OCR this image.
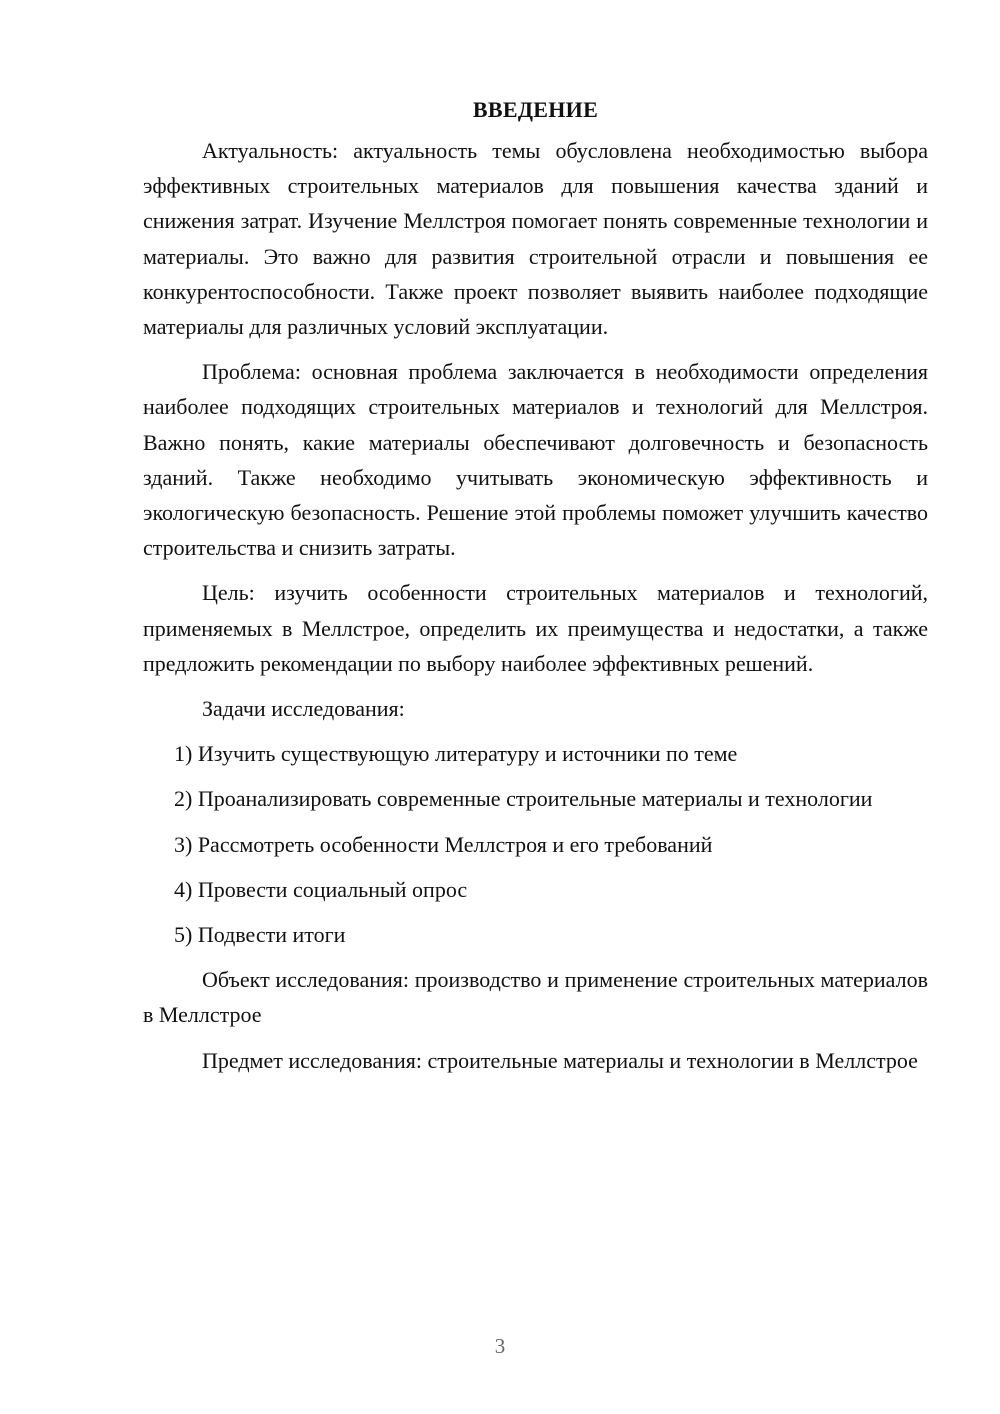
ВВЕДЕНИЕ

Актуальность: актуальность темы обусловлена необходимостью выбора эффективных строительных материалов для повышения качества зданий и снижения затрат. Изучение Меллстроя помогает понять современные технологии и материалы. Это важно для развития строительной отрасли и повышения ее конкурентоспособности. Также проект позволяет выявить наиболее подходящие материалы для различных условий эксплуатации.

Проблема: основная проблема заключается в необходимости определения наиболее подходящих строительных материалов и технологий для Меллстроя. Важно понять, какие материалы обеспечивают долговечность и безопасность зданий. Также необходимо учитывать экономическую эффективность и экологическую безопасность. Решение этой проблемы поможет улучшить качество строительства и снизить затраты.

Цель: изучить особенности строительных материалов и технологий, применяемых в Меллстрое, определить их преимущества и недостатки, а также предложить рекомендации по выбору наиболее эффективных решений.

Задачи исследования:

1) Изучить существующую литературу и источники по теме

2) Проанализировать современные строительные материалы и технологии

3) Рассмотреть особенности Меллстроя и его требований

4) Провести социальный опрос

5) Подвести итоги

Объект исследования: производство и применение строительных материалов в Меллстрое

Предмет исследования: строительные материалы и технологии в Меллстрое

3
